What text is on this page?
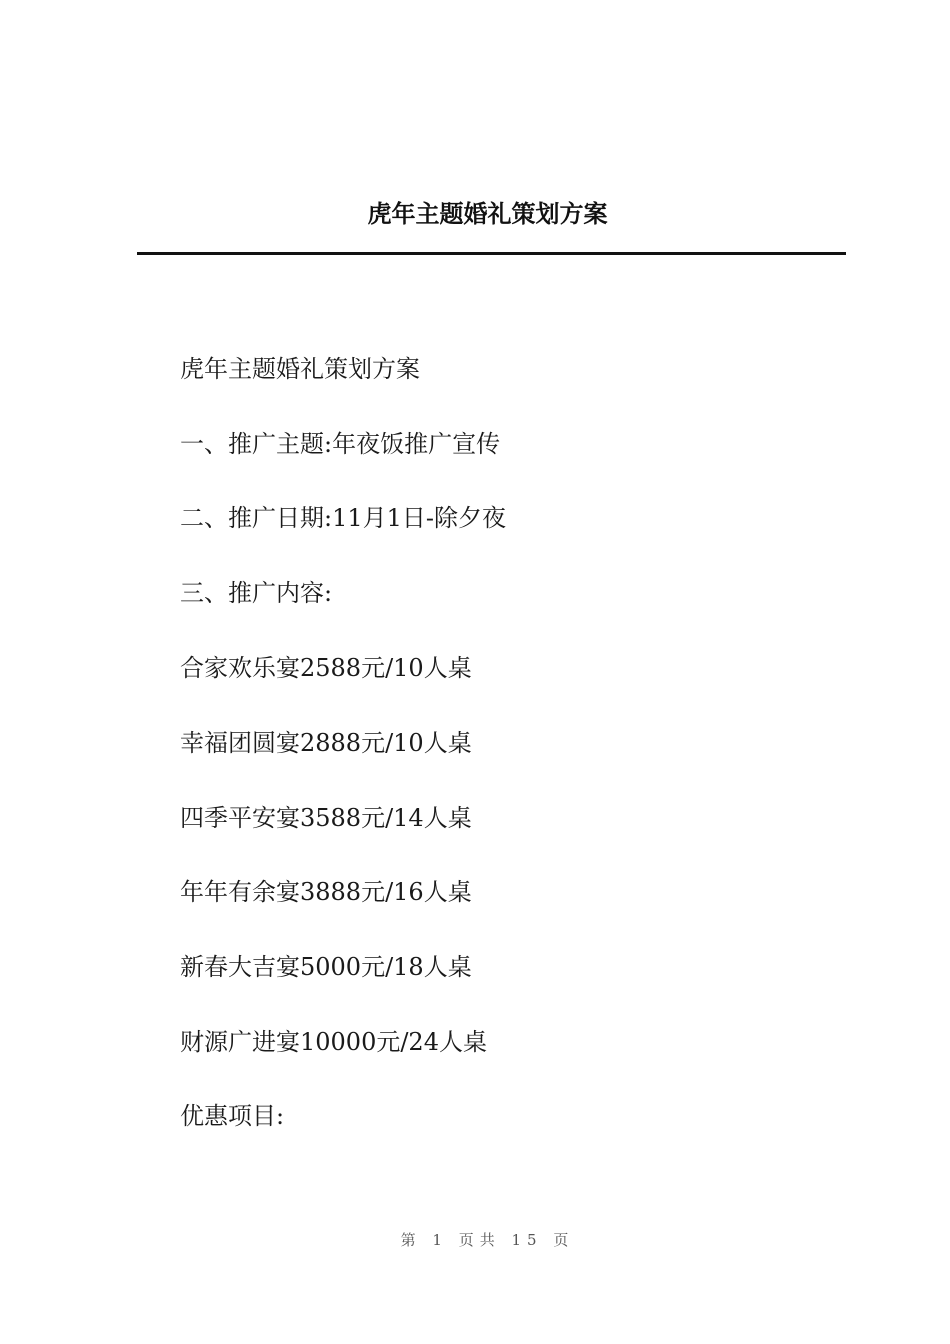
虎年主题婚礼策划方案
虎年主题婚礼策划方案
一、推广主题:年夜饭推广宣传
二、推广日期:11月1日-除夕夜
三、推广内容:
合家欢乐宴2588元/10人桌
幸福团圆宴2888元/10人桌
四季平安宴3588元/14人桌
年年有余宴3888元/16人桌
新春大吉宴5000元/18人桌
财源广进宴10000元/24人桌
优惠项目:
第 1 页共 15 页
